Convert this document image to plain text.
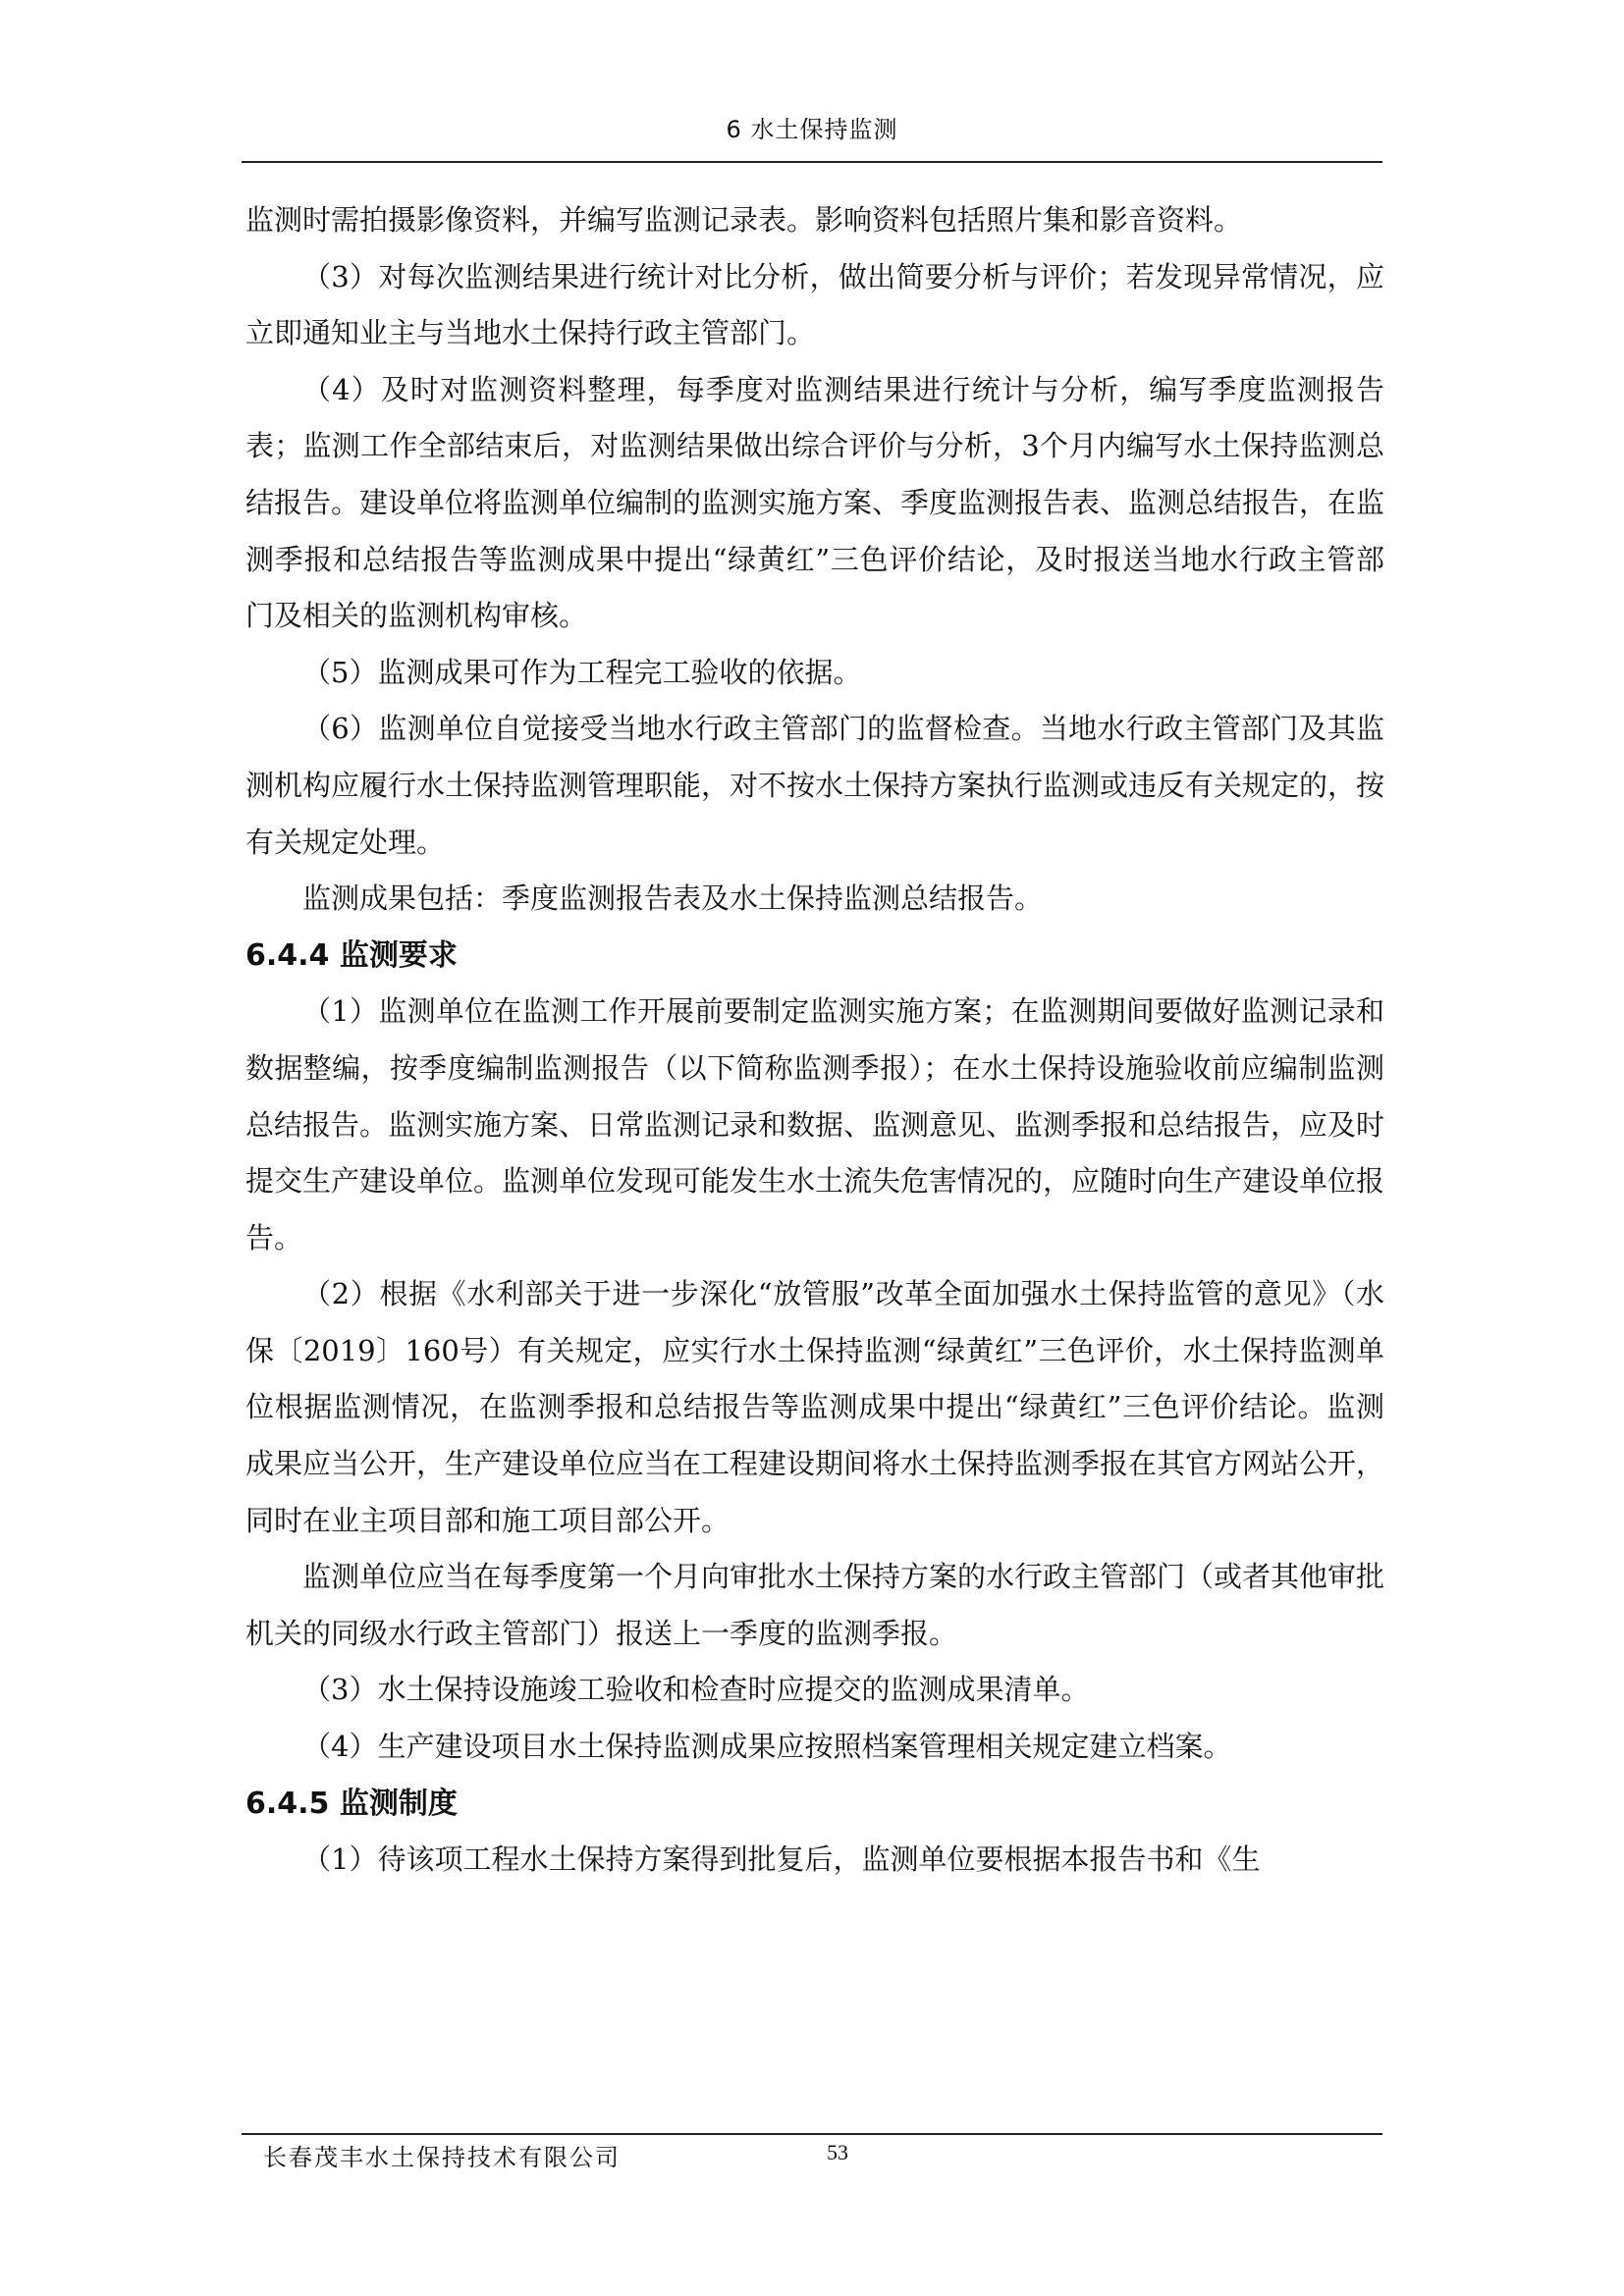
6 水土保持监测

监测时需拍摄影像资料，并编写监测记录表。影响资料包括照片集和影音资料。

（3）对每次监测结果进行统计对比分析，做出简要分析与评价；若发现异常情况，应立即通知业主与当地水土保持行政主管部门。

（4）及时对监测资料整理，每季度对监测结果进行统计与分析，编写季度监测报告表；监测工作全部结束后，对监测结果做出综合评价与分析，3个月内编写水土保持监测总结报告。建设单位将监测单位编制的监测实施方案、季度监测报告表、监测总结报告，在监测季报和总结报告等监测成果中提出“绿黄红”三色评价结论，及时报送当地水行政主管部门及相关的监测机构审核。

（5）监测成果可作为工程完工验收的依据。

（6）监测单位自觉接受当地水行政主管部门的监督检查。当地水行政主管部门及其监测机构应履行水土保持监测管理职能，对不按水土保持方案执行监测或违反有关规定的，按有关规定处理。

监测成果包括：季度监测报告表及水土保持监测总结报告。

6.4.4 监测要求

（1）监测单位在监测工作开展前要制定监测实施方案；在监测期间要做好监测记录和数据整编，按季度编制监测报告（以下简称监测季报）；在水土保持设施验收前应编制监测总结报告。监测实施方案、日常监测记录和数据、监测意见、监测季报和总结报告，应及时提交生产建设单位。监测单位发现可能发生水土流失危害情况的，应随时向生产建设单位报告。

（2）根据《水利部关于进一步深化“放管服”改革全面加强水土保持监管的意见》（水保〔2019〕160号）有关规定，应实行水土保持监测“绿黄红”三色评价，水土保持监测单位根据监测情况，在监测季报和总结报告等监测成果中提出“绿黄红”三色评价结论。监测成果应当公开，生产建设单位应当在工程建设期间将水土保持监测季报在其官方网站公开，同时在业主项目部和施工项目部公开。

监测单位应当在每季度第一个月向审批水土保持方案的水行政主管部门（或者其他审批机关的同级水行政主管部门）报送上一季度的监测季报。

（3）水土保持设施竣工验收和检查时应提交的监测成果清单。

（4）生产建设项目水土保持监测成果应按照档案管理相关规定建立档案。

6.4.5 监测制度

（1）待该项工程水土保持方案得到批复后，监测单位要根据本报告书和《生

长春茂丰水土保持技术有限公司	53
